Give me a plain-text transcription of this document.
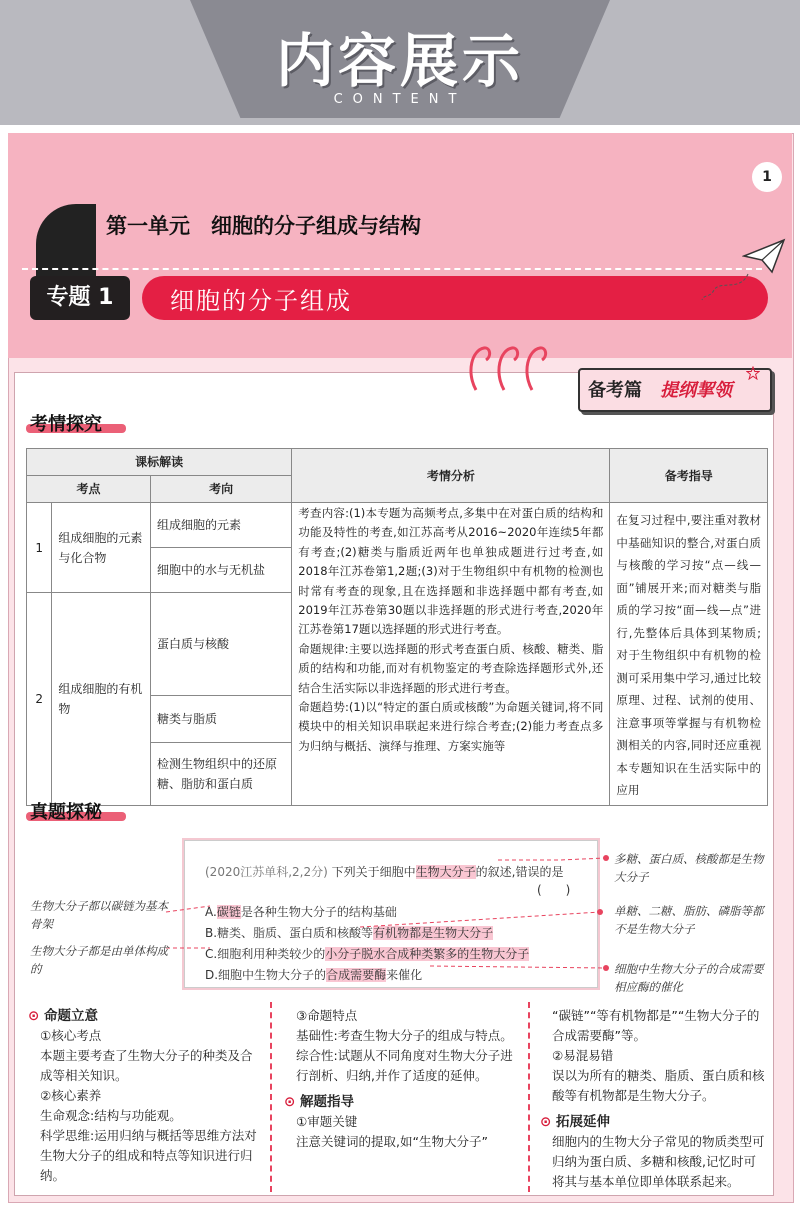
内容展示
CONTENT
1
第一单元　细胞的分子组成与结构
专题 1	细胞的分子组成
备考篇 提纲挈领
考情探究
课标解读			考情分析	备考指导
考点		考向		
1	组成细胞的元素与化合物	组成细胞的元素	考查内容:(1)本专题为高频考点,多集中在对蛋白质的结构和功能及特性的考查,如江苏高考从2016~2020年连续5年都有考查;(2)糖类与脂质近两年也单独成题进行过考查,如2018年江苏卷第1,2题;(3)对于生物组织中有机物的检测也时常有考查的现象,且在选择题和非选择题中都有考查,如2019年江苏卷第30题以非选择题的形式进行考查,2020年江苏卷第17题以选择题的形式进行考查。
命题规律:主要以选择题的形式考查蛋白质、核酸、糖类、脂质的结构和功能,而对有机物鉴定的考查除选择题形式外,还结合生活实际以非选择题的形式进行考查。
命题趋势:(1)以“特定的蛋白质或核酸”为命题关键词,将不同模块中的相关知识串联起来进行综合考查;(2)能力考查点多为归纳与概括、演绎与推理、方案实施等	在复习过程中,要注重对教材中基础知识的整合,对蛋白质与核酸的学习按“点—线—面”铺展开来;而对糖类与脂质的学习按“面—线—点”进行,先整体后具体到某物质;对于生物组织中有机物的检测可采用集中学习,通过比较原理、过程、试剂的使用、注意事项等掌握与有机物检测相关的内容,同时还应重视本专题知识在生活实际中的应用
		细胞中的水与无机盐		
2	组成细胞的有机物	蛋白质与核酸		
		糖类与脂质		
		检测生物组织中的还原糖、脂肪和蛋白质		
真题探秘
(2020江苏单科,2,2分) 下列关于细胞中生物大分子的叙述,错误的是
(　　)
A.碳链是各种生物大分子的结构基础
B.糖类、脂质、蛋白质和核酸等有机物都是生物大分子
C.细胞利用种类较少的小分子脱水合成种类繁多的生物大分子
D.细胞中生物大分子的合成需要酶来催化
生物大分子都以碳链为基本骨架
生物大分子都是由单体构成的
多糖、蛋白质、核酸都是生物大分子
单糖、二糖、脂肪、磷脂等都不是生物大分子
细胞中生物大分子的合成需要相应酶的催化
⊙ 命题立意
①核心考点
本题主要考查了生物大分子的种类及合成等相关知识。
②核心素养
生命观念:结构与功能观。
科学思维:运用归纳与概括等思维方法对生物大分子的组成和特点等知识进行归纳。
③命题特点
基础性:考查生物大分子的组成与特点。
综合性:试题从不同角度对生物大分子进行剖析、归纳,并作了适度的延伸。
⊙ 解题指导
①审题关键
注意关键词的提取,如“生物大分子”
“碳链”“等有机物都是”“生物大分子的合成需要酶”等。
②易混易错
误以为所有的糖类、脂质、蛋白质和核酸等有机物都是生物大分子。
⊙ 拓展延伸
细胞内的生物大分子常见的物质类型可归纳为蛋白质、多糖和核酸,记忆时可将其与基本单位即单体联系起来。
